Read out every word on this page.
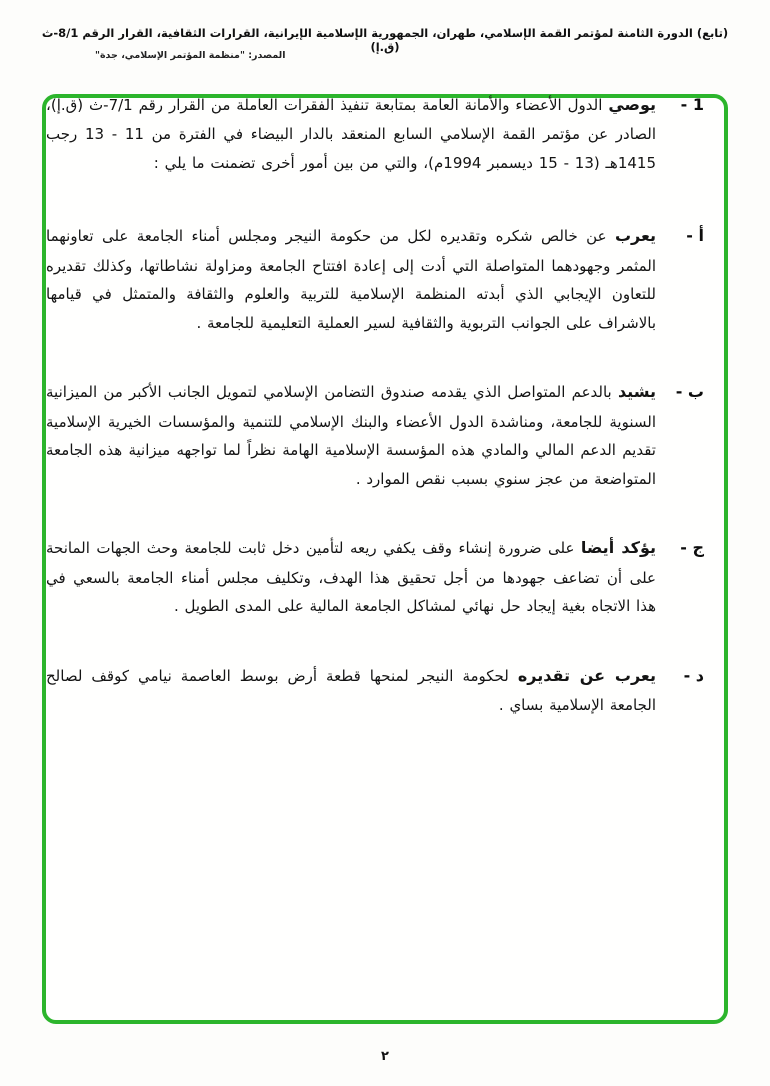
(تابع) الدورة الثامنة لمؤتمر القمة الإسلامي، طهران، الجمهورية الإسلامية الإيرانية، القرارات الثقافية، القرار الرقم 8/1-ث (ق.إ)
المصدر: "منظمة المؤتمر الإسلامي، جدة"
1 -
يوصي الدول الأعضاء والأمانة العامة بمتابعة تنفيذ الفقرات العاملة من القرار رقم 7/1-ث (ق.إ)، الصادر عن مؤتمر القمة الإسلامي السابع المنعقد بالدار البيضاء في الفترة من 11 - 13 رجب 1415هـ (13 - 15 ديسمبر 1994م)، والتي من بين أمور أخرى تضمنت ما يلي :
أ -
يعرب عن خالص شكره وتقديره لكل من حكومة النيجر ومجلس أمناء الجامعة على تعاونهما المثمر وجهودهما المتواصلة التي أدت إلى إعادة افتتاح الجامعة ومزاولة نشاطاتها، وكذلك تقديره للتعاون الإيجابي الذي أبدته المنظمة الإسلامية للتربية والعلوم والثقافة والمتمثل في قيامها بالاشراف على الجوانب التربوية والثقافية لسير العملية التعليمية للجامعة .
ب -
يشيد بالدعم المتواصل الذي يقدمه صندوق التضامن الإسلامي لتمويل الجانب الأكبر من الميزانية السنوية للجامعة، ومناشدة الدول الأعضاء والبنك الإسلامي للتنمية والمؤسسات الخيرية الإسلامية تقديم الدعم المالي والمادي هذه المؤسسة الإسلامية الهامة نظراً لما تواجهه ميزانية هذه الجامعة المتواضعة من عجز سنوي بسبب نقص الموارد .
ج -
يؤكد أيضا على ضرورة إنشاء وقف يكفي ريعه لتأمين دخل ثابت للجامعة وحث الجهات المانحة على أن تضاعف جهودها من أجل تحقيق هذا الهدف، وتكليف مجلس أمناء الجامعة بالسعي في هذا الاتجاه بغية إيجاد حل نهائي لمشاكل الجامعة المالية على المدى الطويل .
د -
يعرب عن تقديره لحكومة النيجر لمنحها قطعة أرض بوسط العاصمة نيامي كوقف لصالح الجامعة الإسلامية بساي .
٢
